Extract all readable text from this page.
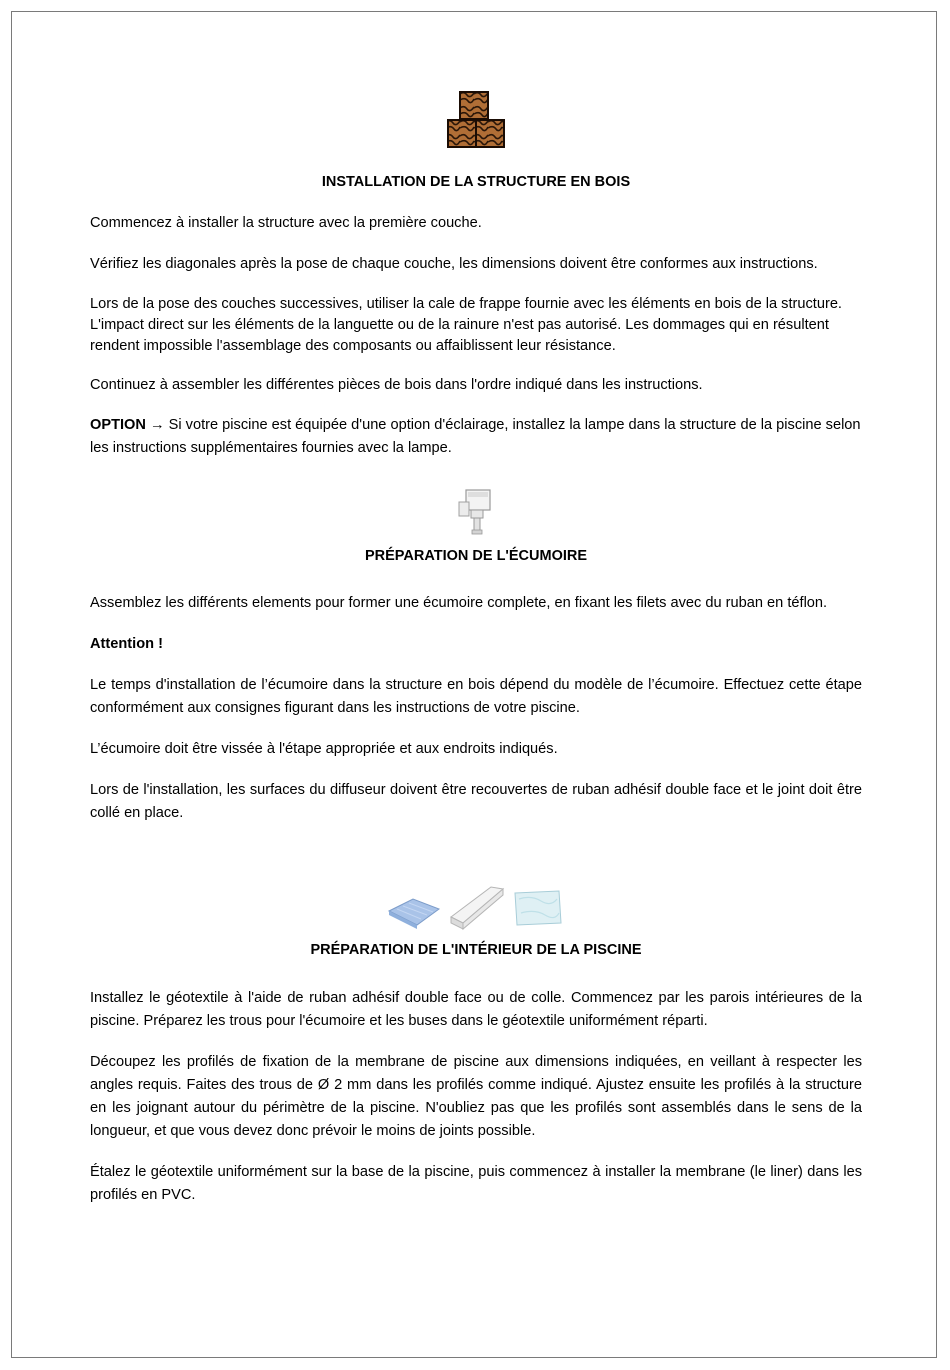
INSTALLATION DE LA STRUCTURE EN BOIS

Commencez à installer la structure avec la première couche.

Vérifiez les diagonales après la pose de chaque couche, les dimensions doivent être conformes aux instructions.

Lors de la pose des couches successives, utiliser la cale de frappe fournie avec les éléments en bois de la structure. L'impact direct sur les éléments de la languette ou de la rainure n'est pas autorisé. Les dommages qui en résultent rendent impossible l'assemblage des composants ou affaiblissent leur résistance.

Continuez à assembler les différentes pièces de bois dans l'ordre indiqué dans les instructions.

OPTION → Si votre piscine est équipée d'une option d'éclairage, installez la lampe dans la structure de la piscine selon les instructions supplémentaires fournies avec la lampe.

PRÉPARATION DE L'ÉCUMOIRE

Assemblez les différents elements pour former une écumoire complete, en fixant les filets avec du ruban en téflon.

Attention !

Le temps d'installation de l’écumoire dans la structure en bois dépend du modèle de l’écumoire. Effectuez cette étape conformément aux consignes figurant dans les instructions de votre piscine.

L’écumoire doit être vissée à l'étape appropriée et aux endroits indiqués.

Lors de l'installation, les surfaces du diffuseur doivent être recouvertes de ruban adhésif double face et le joint doit être collé en place.

PRÉPARATION DE L'INTÉRIEUR DE LA PISCINE

Installez le géotextile à l'aide de ruban adhésif double face ou de colle. Commencez par les parois intérieures de la piscine. Préparez les trous pour l'écumoire et les buses dans le géotextile uniformément réparti.

Découpez les profilés de fixation de la membrane de piscine aux dimensions indiquées, en veillant à respecter les angles requis. Faites des trous de Ø 2 mm dans les profilés comme indiqué. Ajustez ensuite les profilés à la structure en les joignant autour du périmètre de la piscine. N'oubliez pas que les profilés sont assemblés dans le sens de la longueur, et que vous devez donc prévoir le moins de joints possible.

Étalez le géotextile uniformément sur la base de la piscine, puis commencez à installer la membrane (le liner) dans les profilés en PVC.
